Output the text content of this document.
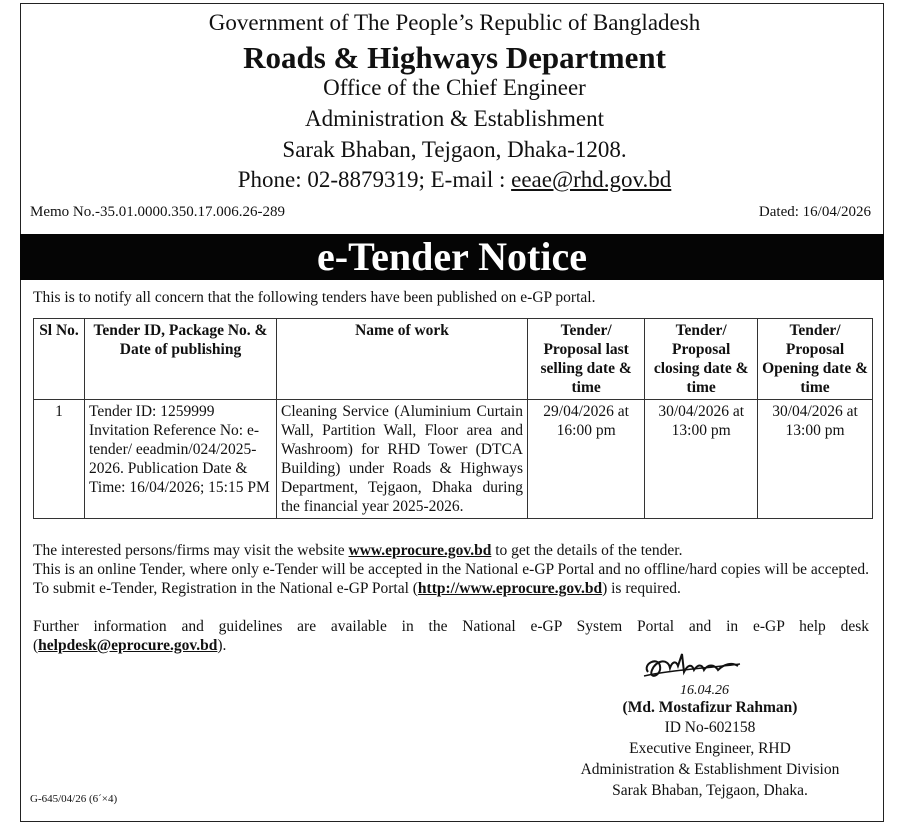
Government of The People’s Republic of Bangladesh
Roads & Highways Department
Office of the Chief Engineer
Administration & Establishment
Sarak Bhaban, Tejgaon, Dhaka-1208.
Phone: 02-8879319; E-mail : eeae@rhd.gov.bd
Memo No.-35.01.0000.350.17.006.26-289	Dated: 16/04/2026
e-Tender Notice
This is to notify all concern that the following tenders have been published on e-GP portal.
Sl No.	Tender ID, Package No. & Date of publishing	Name of work	Tender/ Proposal last selling date & time	Tender/ Proposal closing date & time	Tender/ Proposal Opening date & time
1	Tender ID: 1259999 Invitation Reference No: e-tender/ eeadmin/024/2025-2026. Publication Date & Time: 16/04/2026; 15:15 PM	Cleaning Service (Aluminium Curtain Wall, Partition Wall, Floor area and Washroom) for RHD Tower (DTCA Building) under Roads & Highways Department, Tejgaon, Dhaka during the financial year 2025-2026.	29/04/2026 at 16:00 pm	30/04/2026 at 13:00 pm	30/04/2026 at 13:00 pm
The interested persons/firms may visit the website www.eprocure.gov.bd to get the details of the tender.
This is an online Tender, where only e-Tender will be accepted in the National e-GP Portal and no offline/hard copies will be accepted. To submit e-Tender, Registration in the National e-GP Portal (http://www.eprocure.gov.bd) is required.
Further information and guidelines are available in the National e-GP System Portal and in e-GP help desk (helpdesk@eprocure.gov.bd).
16.04.26
(Md. Mostafizur Rahman)
ID No-602158
Executive Engineer, RHD
Administration & Establishment Division
Sarak Bhaban, Tejgaon, Dhaka.
G-645/04/26 (6´×4)
